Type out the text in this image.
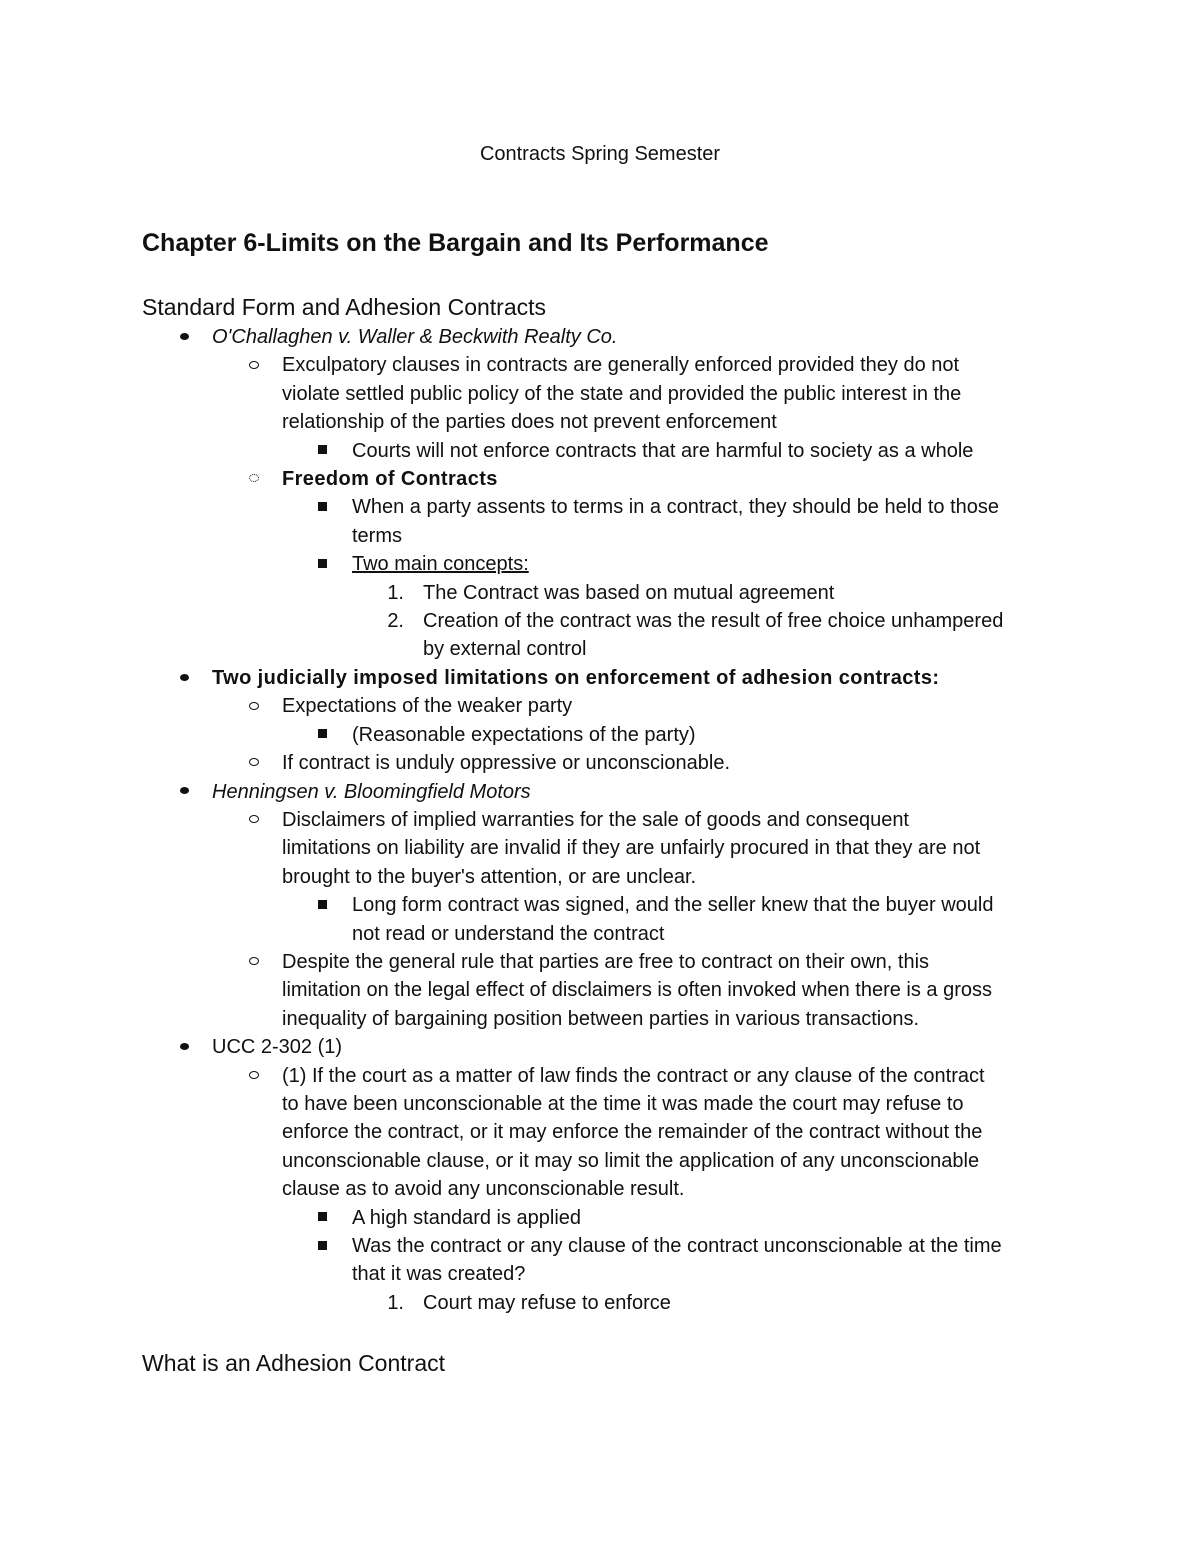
Contracts Spring Semester
Chapter 6-Limits on the Bargain and Its Performance
Standard Form and Adhesion Contracts
O'Challaghen v. Waller & Beckwith Realty Co.
Exculpatory clauses in contracts are generally enforced provided they do not
violate settled public policy of the state and provided the public interest in the
relationship of the parties does not prevent enforcement
Courts will not enforce contracts that are harmful to society as a whole
Freedom of Contracts
When a party assents to terms in a contract, they should be held to those
terms
Two main concepts:
1. The Contract was based on mutual agreement
2. Creation of the contract was the result of free choice unhampered
by external control
Two judicially imposed limitations on enforcement of adhesion contracts:
Expectations of the weaker party
(Reasonable expectations of the party)
If contract is unduly oppressive or unconscionable.
Henningsen v. Bloomingfield Motors
Disclaimers of implied warranties for the sale of goods and consequent
limitations on liability are invalid if they are unfairly procured in that they are not
brought to the buyer's attention, or are unclear.
Long form contract was signed, and the seller knew that the buyer would
not read or understand the contract
Despite the general rule that parties are free to contract on their own, this
limitation on the legal effect of disclaimers is often invoked when there is a gross
inequality of bargaining position between parties in various transactions.
UCC 2-302 (1)
(1) If the court as a matter of law finds the contract or any clause of the contract
to have been unconscionable at the time it was made the court may refuse to
enforce the contract, or it may enforce the remainder of the contract without the
unconscionable clause, or it may so limit the application of any unconscionable
clause as to avoid any unconscionable result.
A high standard is applied
Was the contract or any clause of the contract unconscionable at the time
that it was created?
1. Court may refuse to enforce
What is an Adhesion Contract
